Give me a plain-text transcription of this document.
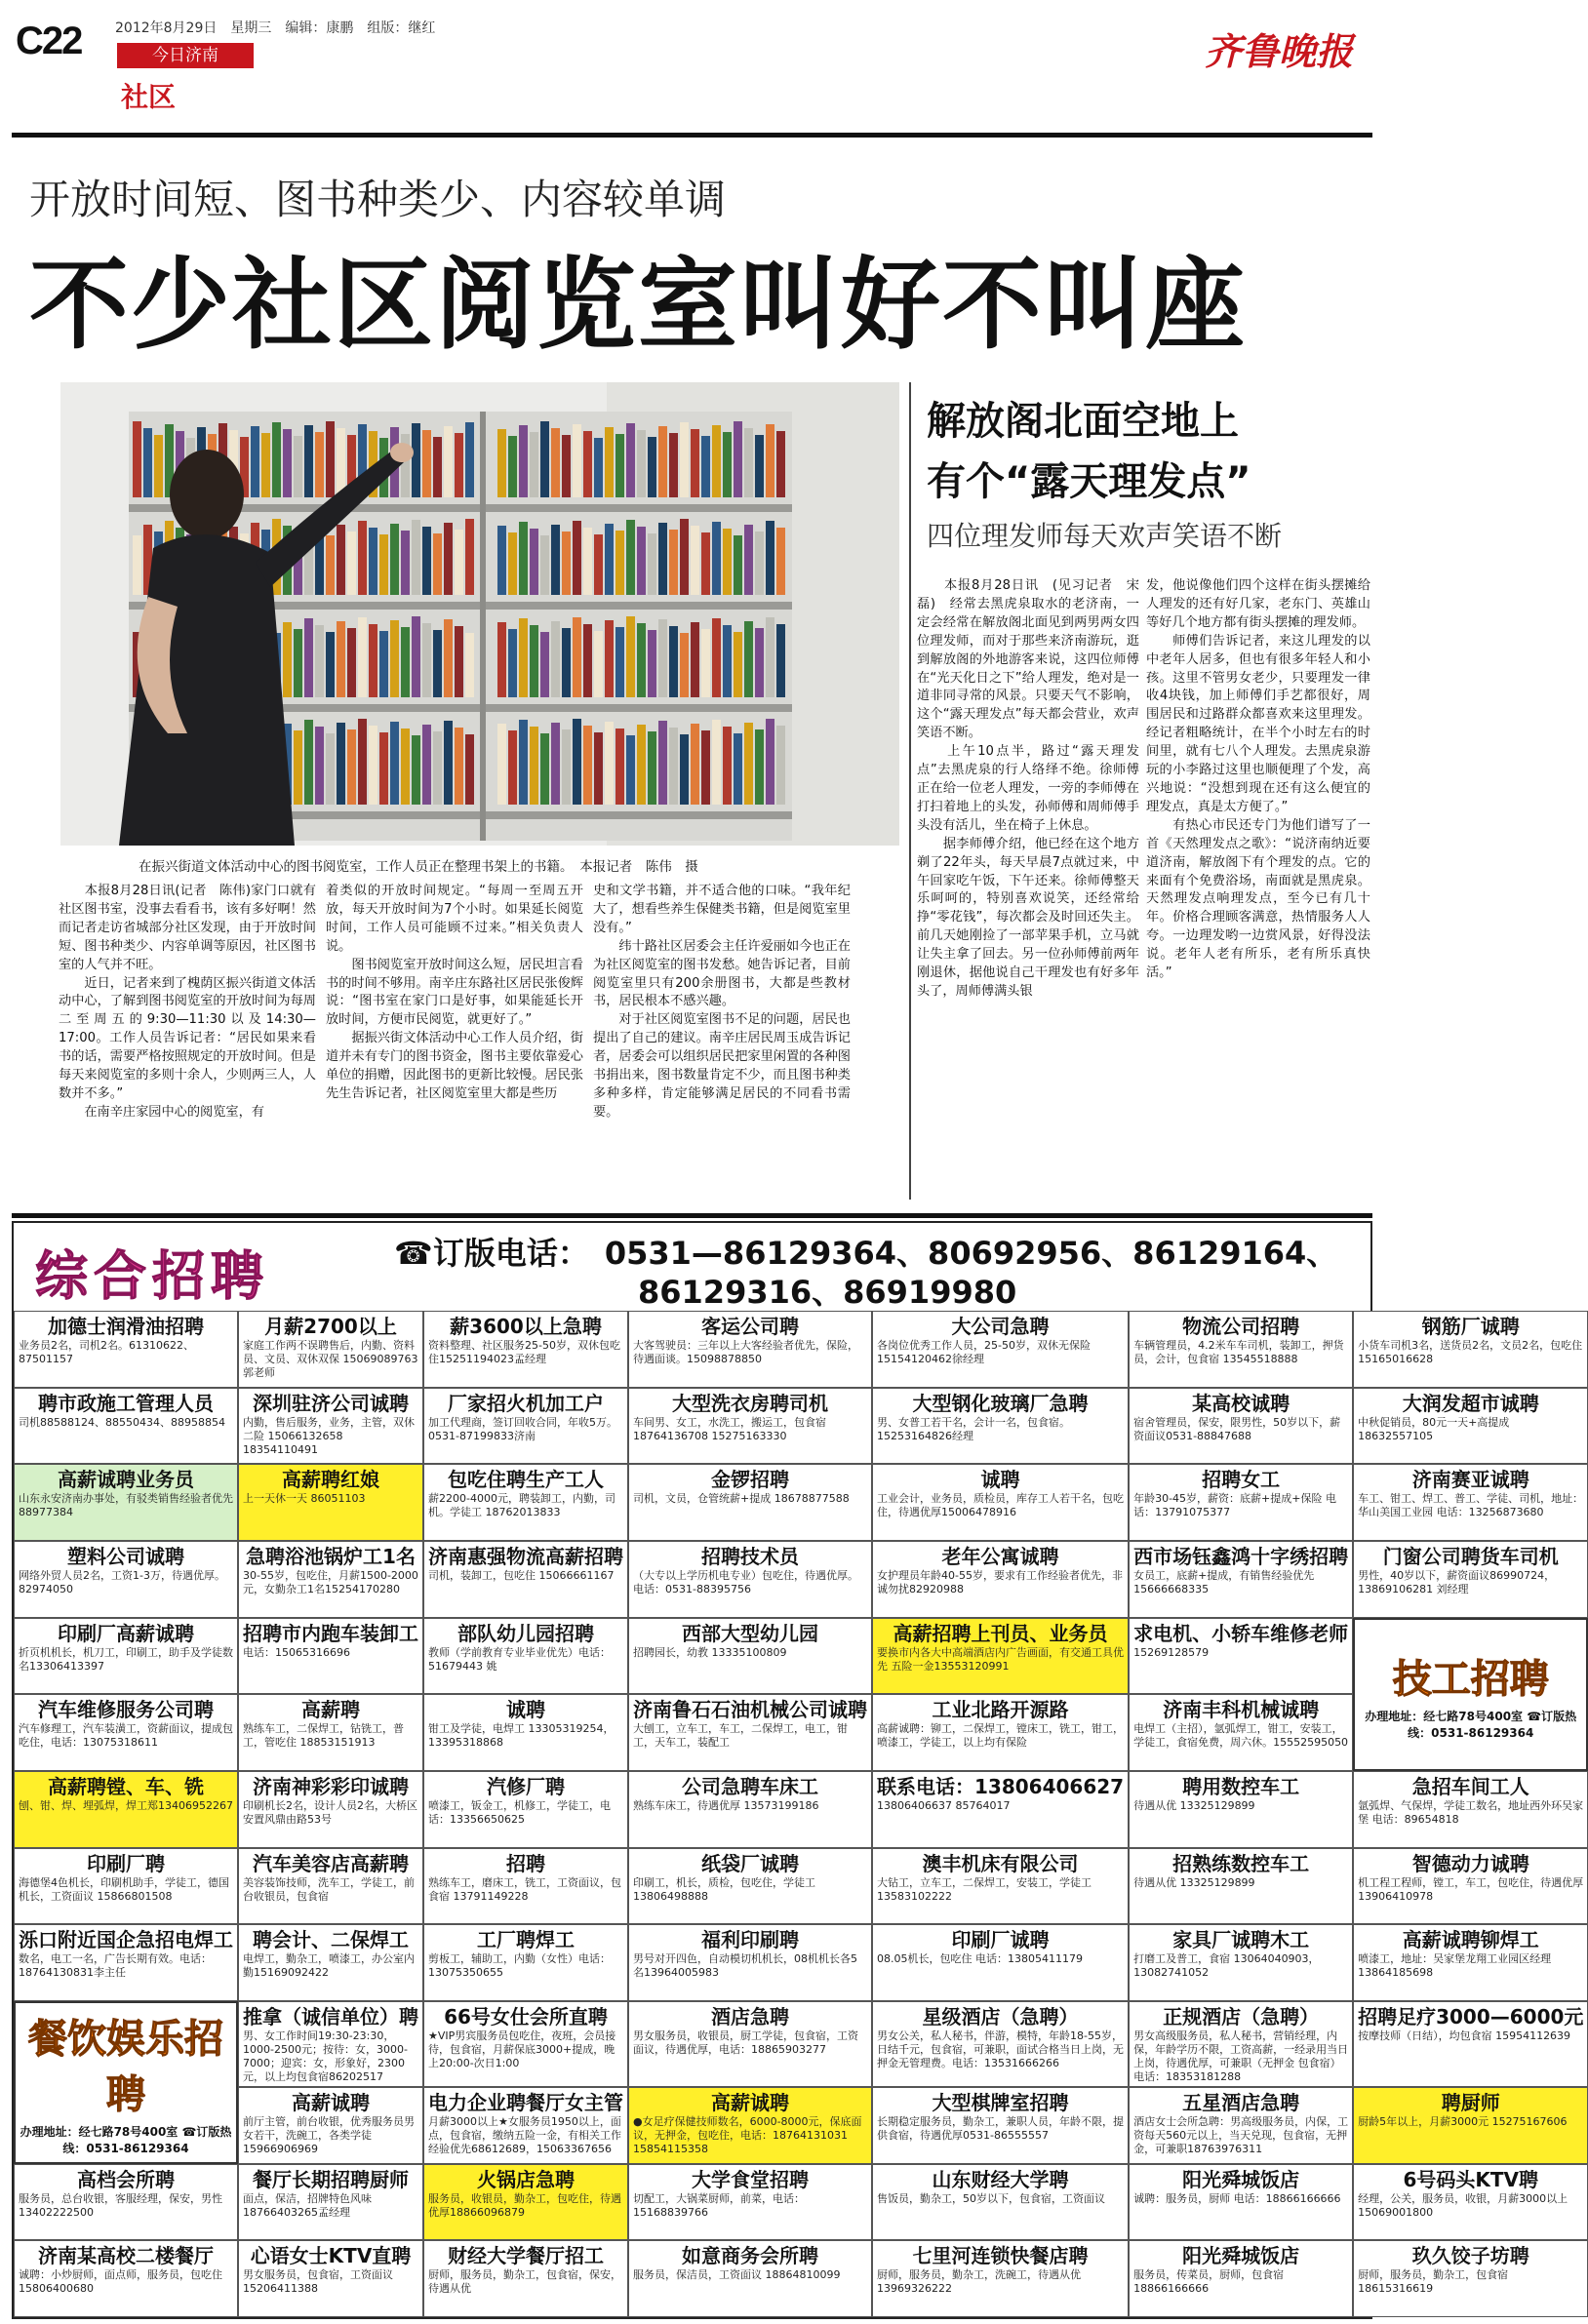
C22 2012年8月29日　星期三　编辑：康鹏　组版：继红
今日济南
社区
齐鲁晚报
开放时间短、图书种类少、内容较单调
不少社区阅览室叫好不叫座
在振兴街道文体活动中心的图书阅览室，工作人员正在整理书架上的书籍。　本报记者　陈伟　摄
　　本报8月28日讯(记者　陈伟)家门口就有社区图书室，没事去看看书，该有多好啊！然而记者走访省城部分社区发现，由于开放时间短、图书种类少、内容单调等原因，社区图书室的人气并不旺。
　　近日，记者来到了槐荫区振兴街道文体活动中心，了解到图书阅览室的开放时间为每周二至周五的9:30—11:30以及14:30—17:00。工作人员告诉记者：“居民如果来看书的话，需要严格按照规定的开放时间。但是每天来阅览室的多则十余人，少则两三人，人数并不多。”
　　在南辛庄家园中心的阅览室，有
着类似的开放时间规定。“每周一至周五开放，每天开放时间为7个小时。如果延长阅览时间，工作人员可能顾不过来。”相关负责人说。
　　图书阅览室开放时间这么短，居民坦言看书的时间不够用。南辛庄东路社区居民张俊辉说：“图书室在家门口是好事，如果能延长开放时间，方便市民阅览，就更好了。”
　　据振兴街文体活动中心工作人员介绍，街道并未有专门的图书资金，图书主要依靠爱心单位的捐赠，因此图书的更新比较慢。居民张先生告诉记者，社区阅览室里大都是些历
史和文学书籍，并不适合他的口味。“我年纪大了，想看些养生保健类书籍，但是阅览室里没有。”
　　纬十路社区居委会主任许爱丽如今也正在为社区阅览室的图书发愁。她告诉记者，目前阅览室里只有200余册图书，大都是些教材书，居民根本不感兴趣。
　　对于社区阅览室图书不足的问题，居民也提出了自己的建议。南辛庄居民周玉成告诉记者，居委会可以组织居民把家里闲置的各种图书捐出来，图书数量肯定不少，而且图书种类多种多样，肯定能够满足居民的不同看书需要。
解放阁北面空地上
有个“露天理发点”
四位理发师每天欢声笑语不断
　　本报8月28日讯　(见习记者　宋磊)　经常去黑虎泉取水的老济南，一定会经常在解放阁北面见到两男两女四位理发师，而对于那些来济南游玩，逛到解放阁的外地游客来说，这四位师傅在“光天化日之下”给人理发，绝对是一道非同寻常的风景。只要天气不影响，这个“露天理发点”每天都会营业，欢声笑语不断。
　　上午10点半，路过“露天理发点”去黑虎泉的行人络绎不绝。徐师傅正在给一位老人理发，一旁的李师傅在打扫着地上的头发，孙师傅和周师傅手头没有活儿，坐在椅子上休息。
　　据李师傅介绍，他已经在这个地方剃了22年头，每天早晨7点就过来，中午回家吃午饭，下午还来。徐师傅整天乐呵呵的，特别喜欢说笑，还经常给挣“零花钱”，每次都会及时回还失主。前几天她刚捡了一部苹果手机，立马就让失主拿了回去。另一位孙师傅前两年刚退休，据他说自己干理发也有好多年头了，周师傅满头银
发，他说像他们四个这样在街头摆摊给人理发的还有好几家，老东门、英雄山等好几个地方都有街头摆摊的理发师。
　　师傅们告诉记者，来这儿理发的以中老年人居多，但也有很多年轻人和小孩。这里不管男女老少，只要理发一律收4块钱，加上师傅们手艺都很好，周围居民和过路群众都喜欢来这里理发。经记者粗略统计，在半个小时左右的时间里，就有七八个人理发。去黑虎泉游玩的小李路过这里也顺便理了个发，高兴地说：“没想到现在还有这么便宜的理发点，真是太方便了。”
　　有热心市民还专门为他们谱写了一首《天然理发点之歌》：“说济南纳近要道济南，解放阁下有个理发的点。它的来面有个免费浴场，南面就是黑虎泉。天然理发点响理发点，至今已有几十年。价格合理顾客满意，热情服务人人夸。一边理发哟一边赏风景，好得没法说。老年人老有所乐，老有所乐真快活。”
综合招聘	☎订版电话：　0531—86129364、80692956、86129164、
86129316、86919980
加德士润滑油招聘
业务员2名，司机2名。61310622、87501157
月薪2700以上
家庭工作两不误聘售后，内勤、资料员、文员、双休双保 15069089763郭老师
薪3600以上急聘
资料整理、社区服务25-50岁，双休包吃住15251194023孟经理
客运公司聘
大客驾驶员：三年以上大客经验者优先，保险，待遇面谈。15098878850
大公司急聘
各岗位优秀工作人员，25-50岁，双休无保险 15154120462徐经理
物流公司招聘
车辆管理员，4.2米车车司机，装卸工，押货员，会计，包食宿 13545518888
钢筋厂诚聘
小货车司机3名，送货员2名，文员2名，包吃住15165016628
聘市政施工管理人员
司机88588124、88550434、88958854
深圳驻济公司诚聘
内勤，售后服务，业务，主管，双休二险 15066132658 18354110491
厂家招火机加工户
加工代理商，签订回收合同，年收5万。0531-87199833济南
大型洗衣房聘司机
车间男、女工，水洗工，搬运工，包食宿 18764136708 15275163330
大型钢化玻璃厂急聘
男、女普工若干名，会计一名，包食宿。15253164826经理
某高校诚聘
宿舍管理员，保安，限男性，50岁以下，薪资面议0531-88847688
大润发超市诚聘
中秋促销员，80元一天+高提成18632557105
高薪诚聘业务员
山东永安济南办事处，有驳类销售经验者优先88977384
高薪聘红娘
上一天休一天 86051103
包吃住聘生产工人
薪2200-4000元，聘装卸工，内勤，司机。学徒工 18762013833
金锣招聘
司机，文员，仓管统薪+提成 18678877588
诚聘
工业会计，业务员，质检员，库存工人若干名，包吃住，待遇优厚15006478916
招聘女工
年龄30-45岁，薪资：底薪+提成+保险 电话：13791075377
济南赛亚诚聘
车工、钳工、焊工、普工、学徒、司机，地址：华山美国工业园 电话：13256873680
塑料公司诚聘
网络外贸人员2名，工资1-3万，待遇优厚。82974050
急聘浴池锅炉工1名
30-55岁，包吃住，月薪1500-2000元，女勤杂工1名15254170280
济南惠强物流高薪招聘
司机，装卸工，包吃住 15066661167
招聘技术员
（大专以上学历机电专业）包吃住，待遇优厚。电话：0531-88395756
老年公寓诚聘
女护理员年龄40-55岁，要求有工作经验者优先，非诚勿扰82920988
西市场钰鑫鸿十字绣招聘
女员工，底薪+提成，有销售经验优先15666668335
门窗公司聘货车司机
男性，40岁以下，薪资面议86990724，13869106281 刘经理
印刷厂高薪诚聘
折页机机长，机刀工，印刷工，助手及学徒数名13306413397
招聘市内跑车装卸工
电话：15065316696
部队幼儿园招聘
教师（学前教育专业毕业优先）电话：51679443 姚
西部大型幼儿园
招聘园长，幼教 13335100809
高薪招聘上刊员、业务员
要换市内各大中高端酒店内广告画面，有交通工具优先 五险一金13553120991
求电机、小轿车维修老师
15269128579
技工招聘
办理地址：经七路78号400室 ☎订版热线：0531-86129364
汽车维修服务公司聘
汽车修理工，汽车装潢工，资薪面议，提成包吃住，电话：13075318611
高薪聘
熟练车工，二保焊工，钻铣工，普工，管吃住 18853151913
诚聘
钳工及学徒，电焊工 13305319254，13395318868
济南鲁石石油机械公司诚聘
大刨工，立车工，车工，二保焊工，电工，钳工，天车工，装配工
工业北路开源路
高薪诚聘：铆工，二保焊工，镗床工，铣工，钳工，喷漆工，学徒工，以上均有保险
济南丰科机械诚聘
电焊工（主招），氩弧焊工，钳工，安装工，学徒工，食宿免费，周六休。15552595050
高薪聘镗、车、铣
刨、钳、焊、埋弧焊，焊工郑13406952267
济南神彩彩印诚聘
印刷机长2名，设计人员2名，大桥区安置风鼎由路53号
汽修厂聘
喷漆工，钣金工，机修工，学徒工，电话：13356650625
公司急聘车床工
熟练车床工，待遇优厚 13573199186
联系电话：13806406627
13806406637 85764017
聘用数控车工
待遇从优 13325129899
急招车间工人
氩弧焊、气保焊，学徒工数名，地址西外环吴家堡 电话：89654818
印刷厂聘
海德堡4色机长，印刷机助手，学徒工，德国机长，工资面议 15866801508
汽车美容店高薪聘
美容装饰技师，洗车工，学徒工，前台收银员，包食宿
招聘
熟练车工，磨床工，铣工，工资面议，包食宿 13791149228
纸袋厂诚聘
印刷工，机长，质检，包吃住，学徒工 13806498888
澳丰机床有限公司
大钻工，立车工，二保焊工，安装工，学徒工 13583102222
招熟练数控车工
待遇从优 13325129899
智德动力诚聘
机工程工程师，镗工，车工，包吃住，待遇优厚13906410978
泺口附近国企急招电焊工
数名，电工一名，广告长期有效。电话：18764130831李主任
聘会计、二保焊工
电焊工，勤杂工，喷漆工，办公室内勤15169092422
工厂聘焊工
剪板工，辅助工，内勤（女性）电话：13075350655
福利印刷聘
男号对开四色，自动模切机机长，08机机长各5名13964005983
印刷厂诚聘
08.05机长，包吃住 电话：13805411179
家具厂诚聘木工
打磨工及普工，食宿 13064040903，13082741052
高薪诚聘铆焊工
喷漆工，地址：吴家堡龙翔工业园区经理13864185698
餐饮娱乐招聘
办理地址：经七路78号400室 ☎订版热线：0531-86129364
推拿（诚信单位）聘
男、女工作时间19:30-23:30，1000-2500元；按待：女，3000-7000；迎宾：女，形象好，2300元，以上均包食宿86202517
66号女仕会所直聘
★VIP男宾服务员包吃住，夜班，会员接待，包食宿，月薪保底3000+提成，晚上20:00-次日1:00
酒店急聘
男女服务员，收银员，厨工学徒，包食宿，工资面议，待遇优厚，电话：18865903277
星级酒店（急聘）
男女公关，私人秘书，伴游，模特，年龄18-55岁，日结千元，包食宿，可兼职，面试合格当日上岗，无押金无管理费。电话：13531666266
正规酒店（急聘）
男女高级服务员，私人秘书，营销经理，内保，年龄学历不限，工资高薪，一经录用当日上岗，待遇优厚，可兼职（无押金 包食宿）电话：18353181288
招聘足疗3000—6000元
按摩技师（日结），均包食宿 15954112639
高薪诚聘
前厅主管，前台收银，优秀服务员男女若干，洗碗工，各类学徒 15966906969
电力企业聘餐厅女主管
月薪3000以上★女服务员1950以上，面点，包食宿，缴纳五险一金，有相关工作经验优先68612689，15063367656
高薪诚聘
●女足疗保健技师数名，6000-8000元，保底面议，无押金，包吃住，电话：18764131031 15854115358
大型棋牌室招聘
长期稳定服务员，勤杂工，兼职人员，年龄不限，提供食宿，待遇优厚0531-86555557
五星酒店急聘
酒店女士会所急聘：男高级服务员，内保，工资每天560元以上，当天兑现，包食宿，无押金，可兼职18763976311
聘厨师
厨龄5年以上，月薪3000元 15275167606
高档会所聘
服务员，总台收银，客服经理，保安，男性 13402222500
餐厅长期招聘厨师
面点，保洁，招牌特色风味18766403265孟经理
火锅店急聘
服务员，收银员，勤杂工，包吃住，待遇优厚18866096879
大学食堂招聘
切配工，大锅菜厨师，前菜，电话：15168839766
山东财经大学聘
售饭员，勤杂工，50岁以下，包食宿，工资面议
阳光舜城饭店
诚聘：服务员，厨师 电话：18866166666
6号码头KTV聘
经理，公关，服务员，收银，月薪3000以上 15069001800
济南某高校二楼餐厅
诚聘：小炒厨师，面点师，服务员，包吃住 15806400680
心语女士KTV直聘
男女服务员，包食宿，工资面议 15206411388
财经大学餐厅招工
厨师，服务员，勤杂工，包食宿，保安，待遇从优
如意商务会所聘
服务员，保洁员，工资面议 18864810099
七里河连锁快餐店聘
厨师，服务员，勤杂工，洗碗工，待遇从优 13969326222
阳光舜城饭店
服务员，传菜员，厨师，包食宿 18866166666
玖久饺子坊聘
厨师，服务员，勤杂工，包食宿 18615316619
